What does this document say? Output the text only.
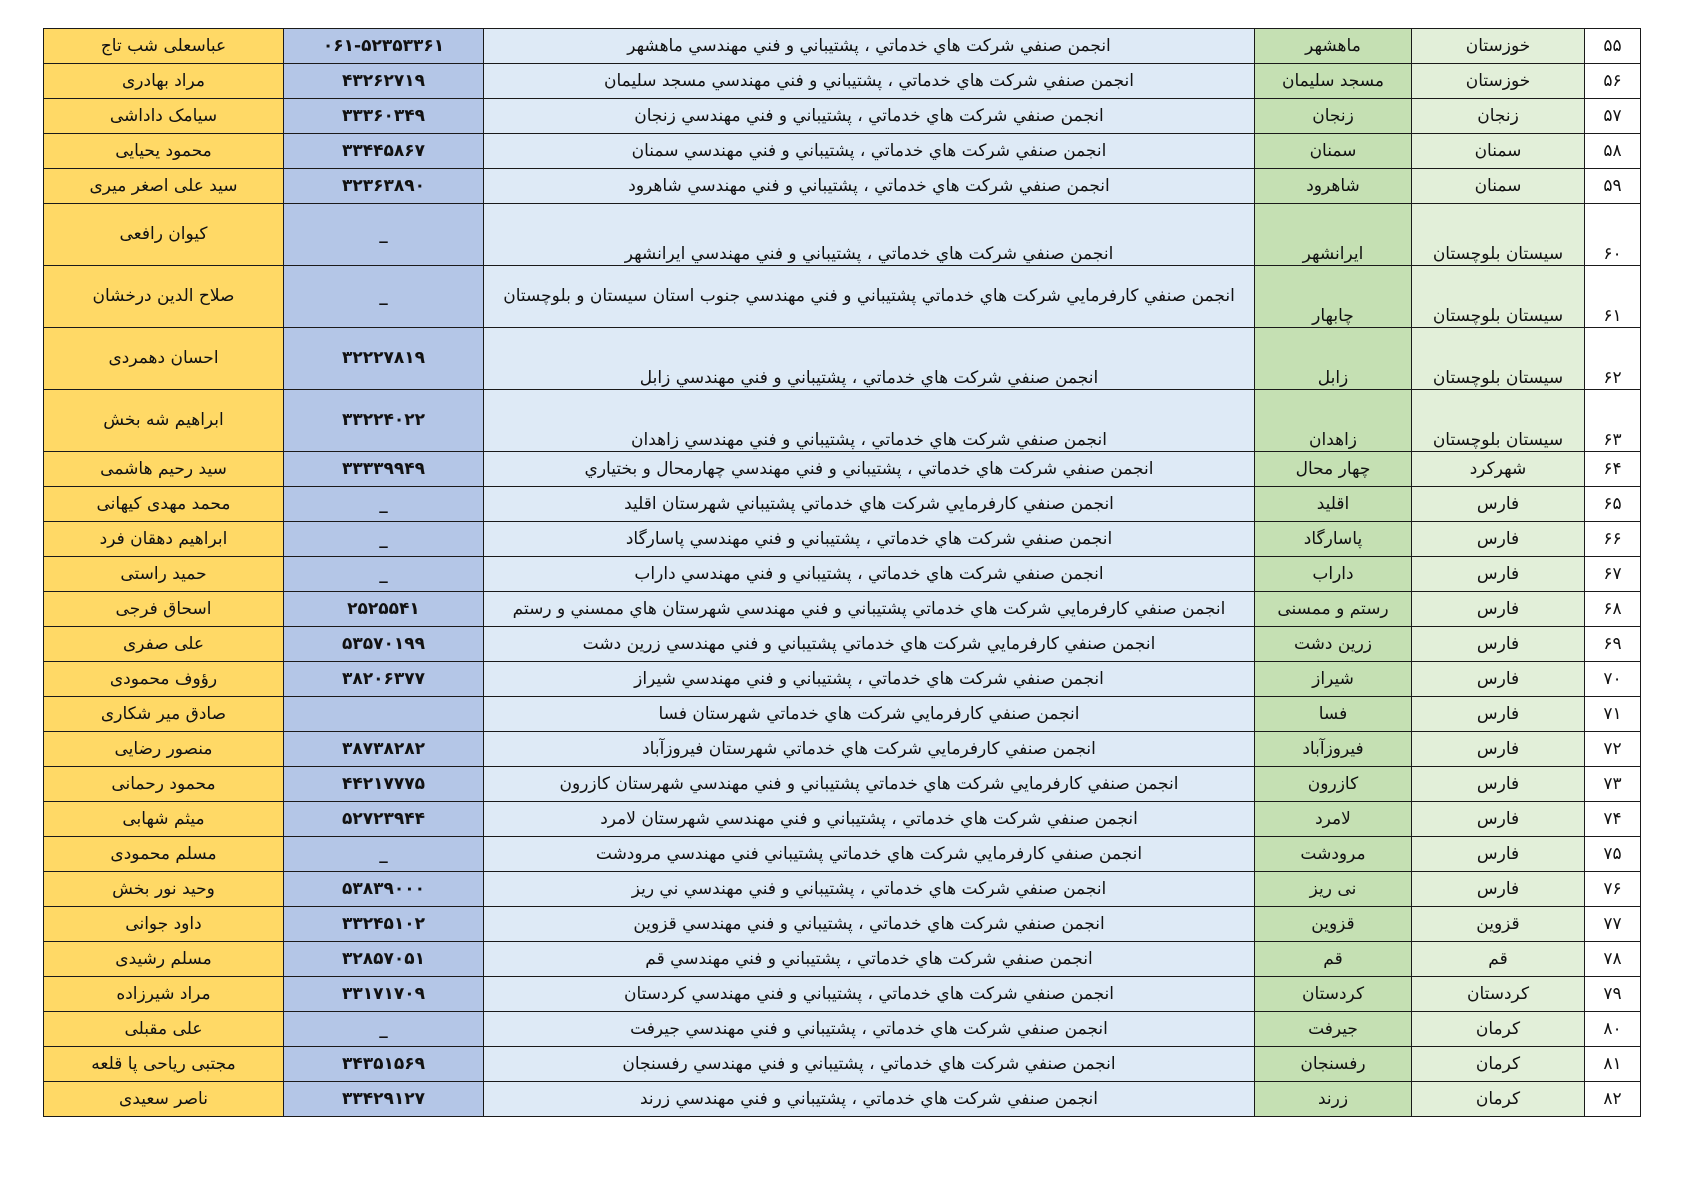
۵۵	خوزستان	ماهشهر	انجمن صنفي شركت هاي خدماتي ، پشتيباني و فني مهندسي ماهشهر	۰۶۱-۵۲۳۵۳۳۶۱	عباسعلی شب تاج
۵۶	خوزستان	مسجد سلیمان	انجمن صنفي شركت هاي خدماتي ، پشتيباني و فني مهندسي مسجد سليمان	۴۳۲۶۲۷۱۹	مراد بهادری
۵۷	زنجان	زنجان	انجمن صنفي شركت هاي خدماتي ، پشتيباني و فني مهندسي زنجان	۳۳۳۶۰۳۴۹	سیامک داداشی
۵۸	سمنان	سمنان	انجمن صنفي شركت هاي خدماتي ، پشتيباني و فني مهندسي سمنان	۳۳۴۴۵۸۶۷	محمود یحیایی
۵۹	سمنان	شاهرود	انجمن صنفي شركت هاي خدماتي ، پشتيباني و فني مهندسي شاهرود	۳۲۳۶۳۸۹۰	سید علی اصغر میری
۶۰	سیستان بلوچستان	ایرانشهر	انجمن صنفي شركت هاي خدماتي ، پشتيباني و فني مهندسي ايرانشهر	_	کیوان رافعی
۶۱	سیستان بلوچستان	چابهار	انجمن صنفي كارفرمايي شركت هاي خدماتي پشتيباني و فني مهندسي جنوب استان سيستان و بلوچستان	_	صلاح الدین درخشان
۶۲	سیستان بلوچستان	زابل	انجمن صنفي شركت هاي خدماتي ، پشتيباني و فني مهندسي زابل	۳۲۲۲۷۸۱۹	احسان دهمردی
۶۳	سیستان بلوچستان	زاهدان	انجمن صنفي شركت هاي خدماتي ، پشتيباني و فني مهندسي زاهدان	۳۳۲۲۴۰۲۲	ابراهیم شه بخش
۶۴	شهرکرد	چهار محال	انجمن صنفي شركت هاي خدماتي ، پشتيباني و فني مهندسي چهارمحال و بختياري	۳۳۳۳۹۹۴۹	سید رحیم هاشمی
۶۵	فارس	اقلید	انجمن صنفي كارفرمايي شركت هاي خدماتي پشتيباني شهرستان اقليد	_	محمد مهدی کیهانی
۶۶	فارس	پاسارگاد	انجمن صنفي شركت هاي خدماتي ، پشتيباني و فني مهندسي پاسارگاد	_	ابراهیم دهقان فرد
۶۷	فارس	داراب	انجمن صنفي شركت هاي خدماتي ، پشتيباني و فني مهندسي داراب	_	حمید راستی
۶۸	فارس	رستم و ممسنی	انجمن صنفي كارفرمايي شركت هاي خدماتي پشتيباني و فني مهندسي شهرستان هاي ممسني و رستم	۲۵۲۵۵۴۱	اسحاق فرجی
۶۹	فارس	زرین دشت	انجمن صنفي كارفرمايي شركت هاي خدماتي پشتيباني و فني مهندسي زرين دشت	۵۳۵۷۰۱۹۹	علی صفری
۷۰	فارس	شیراز	انجمن صنفي شركت هاي خدماتي ، پشتيباني و فني مهندسي شيراز	۳۸۲۰۶۳۷۷	رؤوف محمودی
۷۱	فارس	فسا	انجمن صنفي كارفرمايي شركت هاي خدماتي شهرستان فسا		صادق میر شکاری
۷۲	فارس	فیروزآباد	انجمن صنفي كارفرمايي شركت هاي خدماتي شهرستان فيروزآباد	۳۸۷۳۸۲۸۲	منصور رضایی
۷۳	فارس	کازرون	انجمن صنفي كارفرمايي شركت هاي خدماتي پشتيباني و فني مهندسي شهرستان كازرون	۴۴۲۱۷۷۷۵	محمود رحمانی
۷۴	فارس	لامرد	انجمن صنفي شركت هاي خدماتي ، پشتيباني و فني مهندسي شهرستان لامرد	۵۲۷۲۳۹۴۴	میثم شهابی
۷۵	فارس	مرودشت	انجمن صنفي كارفرمايي شركت هاي خدماتي پشتيباني فني مهندسي مرودشت	_	مسلم محمودی
۷۶	فارس	نی ریز	انجمن صنفي شركت هاي خدماتي ، پشتيباني و فني مهندسي ني ريز	۵۳۸۳۹۰۰۰	وحید نور بخش
۷۷	قزوین	قزوین	انجمن صنفي شركت هاي خدماتي ، پشتيباني و فني مهندسي قزوين	۳۳۲۴۵۱۰۲	داود جوانی
۷۸	قم	قم	انجمن صنفي شركت هاي خدماتي ، پشتيباني و فني مهندسي قم	۳۲۸۵۷۰۵۱	مسلم رشیدی
۷۹	کردستان	کردستان	انجمن صنفي شركت هاي خدماتي ، پشتيباني و فني مهندسي كردستان	۳۳۱۷۱۷۰۹	مراد شیرزاده
۸۰	کرمان	جیرفت	انجمن صنفي شركت هاي خدماتي ، پشتيباني و فني مهندسي جيرفت	_	علی مقبلی
۸۱	کرمان	رفسنجان	انجمن صنفي شركت هاي خدماتي ، پشتيباني و فني مهندسي رفسنجان	۳۴۳۵۱۵۶۹	مجتبی ریاحی پا قلعه
۸۲	کرمان	زرند	انجمن صنفي شركت هاي خدماتي ، پشتيباني و فني مهندسي زرند	۳۳۴۲۹۱۲۷	ناصر سعیدی
